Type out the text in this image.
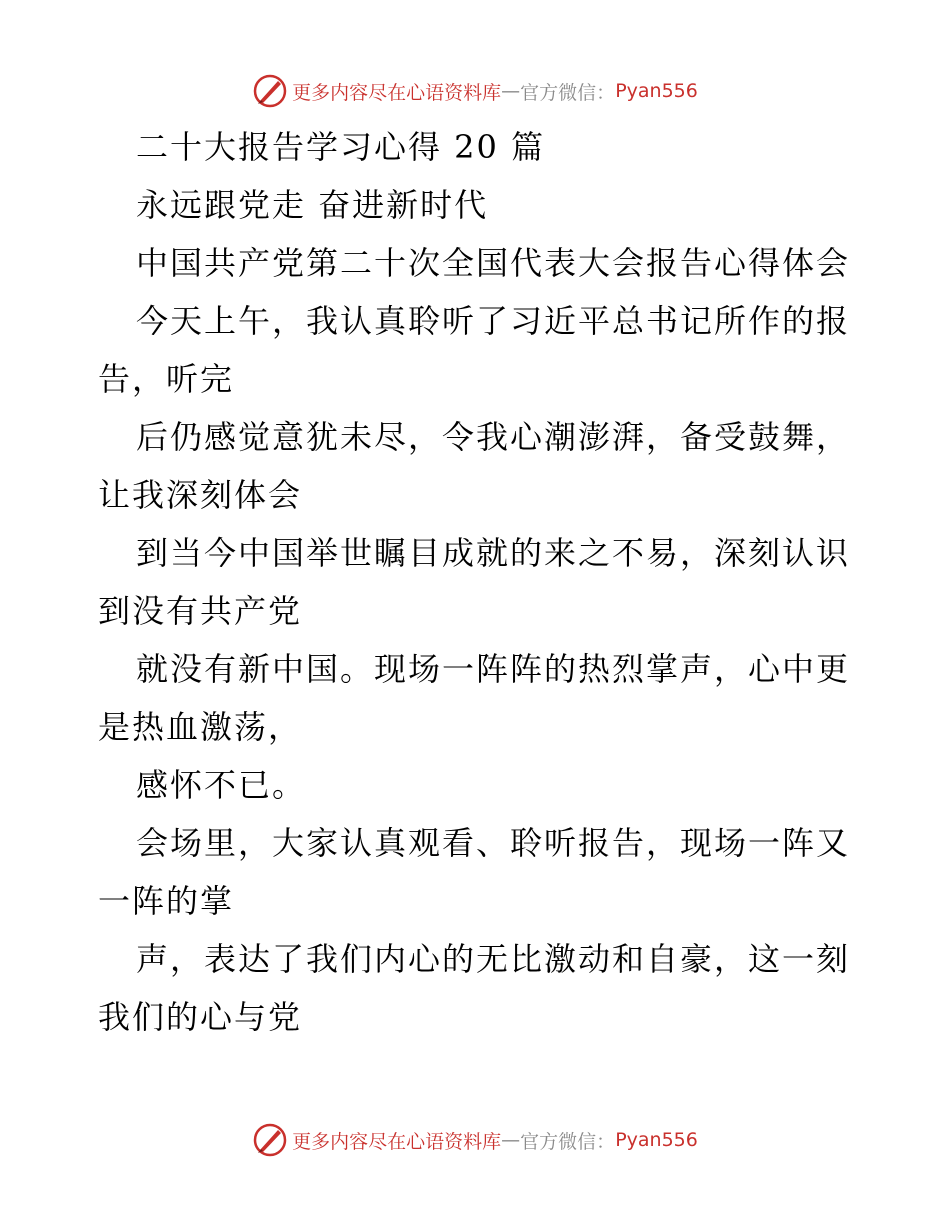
更多内容尽在心语资料库 — 官方微信： Pyan556
二十大报告学习心得 20 篇
永远跟党走 奋进新时代
中国共产党第二十次全国代表大会报告心得体会
今天上午，我认真聆听了习近平总书记所作的报
告，听完
后仍感觉意犹未尽，令我心潮澎湃，备受鼓舞，
让我深刻体会
到当今中国举世瞩目成就的来之不易，深刻认识
到没有共产党
就没有新中国。现场一阵阵的热烈掌声，心中更
是热血激荡，
感怀不已。
会场里，大家认真观看、聆听报告，现场一阵又
一阵的掌
声，表达了我们内心的无比激动和自豪，这一刻
我们的心与党
更多内容尽在心语资料库 — 官方微信： Pyan556
